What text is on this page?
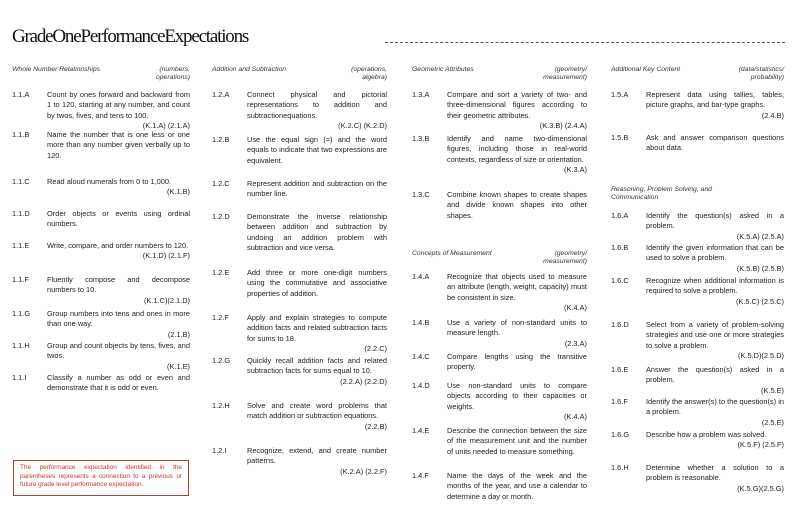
GradeOnePerformanceExpectations
Whole Number Relationships	(numbers, operations)
Addition and Subtraction	(operations, algebra)
Geometric Attributes	(geometry/ measurement)
Concepts of Measurement	(geometry/ measurement)
Additional Key Content	(data/statistics/ probability)
Reasoning, Problem Solving, and Communication
1.1.A	Count by ones forward and backward from 1 to 120, starting at any number, and count by twos, fives, and tens to 100.
(K.1.A) (2.1.A)
1.1.B	Name the number that is one less or one more than any number given verbally up to 120.
1.1.C	Read aloud numerals from 0 to 1,000.
(K.1.B)
1.1.D	Order objects or events using ordinal numbers.
1.1.E	Write, compare, and order numbers to 120.
(K.1.D) (2.1.F)
1.1.F	Fluently compose and decompose numbers to 10.
(K.1.C)(2.1.D)
1.1.G	Group numbers into tens and ones in more than one way.
(2.1.B)
1.1.H	Group and count objects by tens, fives, and twos.
(K.1.E)
1.1.I	Classify a number as odd or even and demonstrate that it is odd or even.
1.2.A	Connect physical and pictorial representations to addition and subtractionequations.
(K.2.C) (K.2.D)
1.2.B	Use the equal sign (=) and the word equals to indicate that two expressions are equivalent.
1.2.C	Represent addition and subtraction on the number line.
1.2.D	Demonstrate the inverse relationship between addition and subtraction by undoing an addition problem with subtraction and vice versa.
1.2.E	Add three or more one-digit numbers using the commutative and associative properties of addition.
1.2.F	Apply and explain strategies to compute addition facts and related subtraction facts for sums to 18.
(2.2.C)
1.2.G	Quickly recall addition facts and related subtraction facts for sums equal to 10.
(2.2.A) (2.2.D)
1.2.H	Solve and create word problems that match addition or subtraction equations.
(2.2.B)
1.2.I	Recognize, extend, and create number patterns.
(K.2.A) (2.2.F)
1.3.A	Compare and sort a variety of two- and three-dimensional figures according to their geometric attributes.
(K.3.B) (2.4.A)
1.3.B	Identify and name two-dimensional figures, including those in real-world contexts, regardless of size or orientation.
(K.3.A)
1.3.C	Combine known shapes to create shapes and divide known shapes into other shapes.
1.4.A	Recognize that objects used to measure an attribute (length, weight, capacity) must be consistent in size.
(K.4.A)
1.4.B	Use a variety of non-standard units to measure length.
(2.3.A)
1.4.C	Compare lengths using the transitive property.
1.4.D	Use non-standard units to compare objects according to their capacities or weights.
(K.4.A)
1.4.E	Describe the connection between the size of the measurement unit and the number of units needed to measure something.
1.4.F	Name the days of the week and the months of the year, and use a calendar to determine a day or month.
1.5.A	Represent data using tallies, tables, picture graphs, and bar-type graphs.
(2.4.B)
1.5.B	Ask and answer comparison questions about data.
1.6.A	Identify the question(s) asked in a problem.
(K.5.A) (2.5.A)
1.6.B	Identify the given information that can be used to solve a problem.
(K.5.B) (2.5.B)
1.6.C	Recognize when additional information is required to solve a problem.
(K.5.C) (2.5.C)
1.6.D	Select from a variety of problem-solving strategies and use one or more strategies to solve a problem.
(K.5.D)(2.5.D)
1.6.E	Answer the question(s) asked in a problem.
(K.5.E)
1.6.F	Identify the answer(s) to the question(s) in a problem.
(2.5.E)
1.6.G	Describe how a problem was solved.
(K.5.F) (2.5.F)
1.6.H	Determine whether a solution to a problem is reasonable.
(K.5.G)(2.5.G)
The performance expectation identified in the parentheses represents a connection to a previous or future grade level performance expectation.
